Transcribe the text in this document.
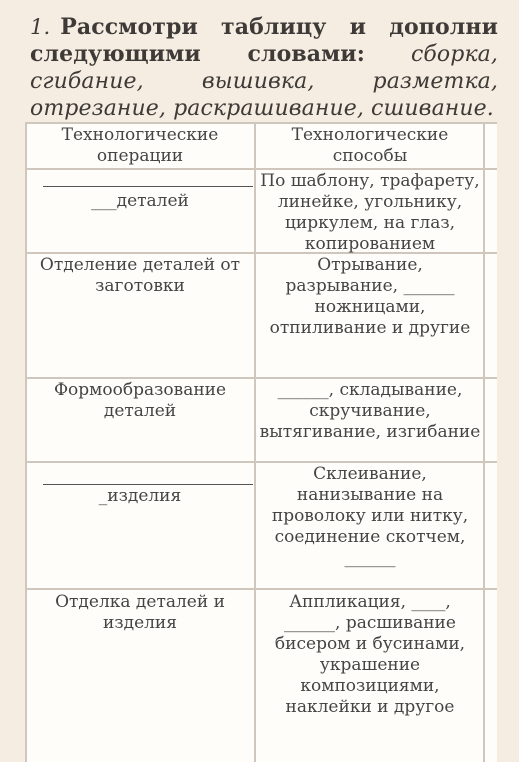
1. Рассмотри таблицу и дополни следующими словами: сборка, сгибание, вышивка, разметка, отрезание, раскрашивание, сшивание.
Технологические операции
Технологические способы
___деталей
По шаблону, трафарету, линейке, угольнику, циркулем, на глаз, копированием
Отделение деталей от заготовки
Отрывание, разрывание, ______ ножницами, отпиливание и другие
Формообразование деталей
______, складывание, скручивание, вытягивание, изгибание
_изделия
Склеивание, нанизывание на проволоку или нитку, соединение скотчем, ______
Отделка деталей и изделия
Аппликация, ____, ______, расшивание бисером и бусинами, украшение композициями, наклейки и другое
